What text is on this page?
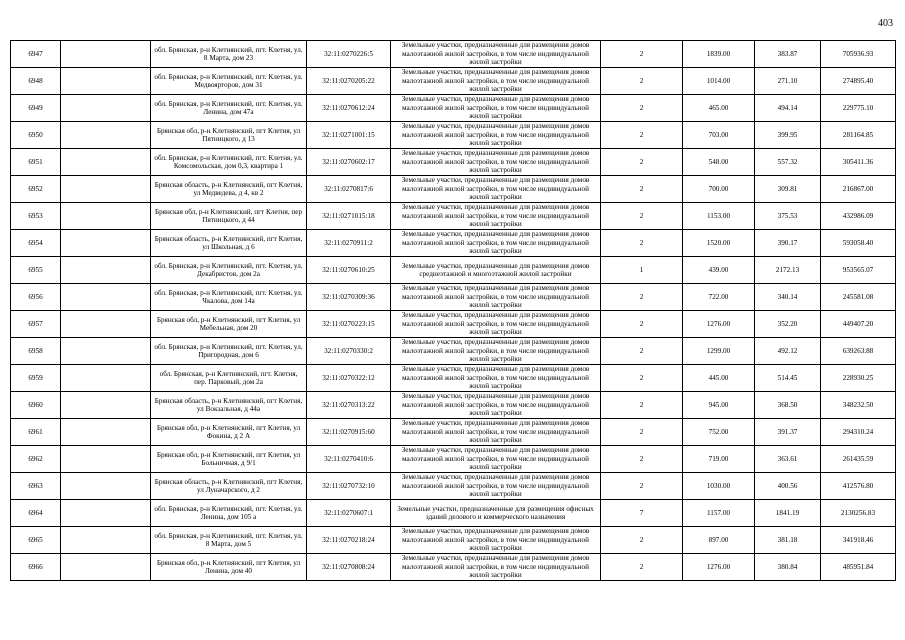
403
6947		обл. Брянская, р-н Клетнянский, пгт. Клетня, ул. 8 Марта, дом 23	32:11:0270226:5	Земельные участки, предназначенные для размещения домов малоэтажной жилой застройки, в том числе индивидуальной жилой застройки	2	1839.00	383.87	705936.93
6948		обл. Брянская, р-н Клетнянский, пгт. Клетня, ул. Медвоярторов, дом 31	32:11:0270205:22	Земельные участки, предназначенные для размещения домов малоэтажной жилой застройки, в том числе индивидуальной жилой застройки	2	1014.00	271.10	274895.40
6949		обл. Брянская, р-н Клетнянский, пгт. Клетня, ул. Ленина, дом 47а	32:11:0270612:24	Земельные участки, предназначенные для размещения домов малоэтажной жилой застройки, в том числе индивидуальной жилой застройки	2	465.00	494.14	229775.10
6950		Брянская обл, р-н Клетнянский, пгт Клетня, ул Пятницкого, д 13	32:11:0271001:15	Земельные участки, предназначенные для размещения домов малоэтажной жилой застройки, в том числе индивидуальной жилой застройки	2	703.00	399.95	281164.85
6951		обл. Брянская, р-н Клетнянский, пгт. Клетня, ул. Комсомольская, дом 0,3, квартира 1	32:11:0270602:17	Земельные участки, предназначенные для размещения домов малоэтажной жилой застройки, в том числе индивидуальной жилой застройки	2	548.00	557.32	305411.36
6952		Брянская область, р-н Клетнянский, пгт Клетня, ул Медведева, д 4, кв 2	32:11:0270817:6	Земельные участки, предназначенные для размещения домов малоэтажной жилой застройки, в том числе индивидуальной жилой застройки	2	700.00	309.81	216867.00
6953		Брянская обл, р-н Клетнянский, пгт Клетня, пер Пятницкого, д 44	32:11:0271015:18	Земельные участки, предназначенные для размещения домов малоэтажной жилой застройки, в том числе индивидуальной жилой застройки	2	1153.00	375.53	432986.09
6954		Брянская область, р-н Клетнянский, пгт Клетня, ул Школьная, д 6	32:11:0270911:2	Земельные участки, предназначенные для размещения домов малоэтажной жилой застройки, в том числе индивидуальной жилой застройки	2	1520.00	390.17	593058.40
6955		обл. Брянская, р-н Клетнянский, пгт. Клетня, ул. Декабристов, дом 2а	32:11:0270610:25	Земельные участки, предназначенные для размещения домов среднеэтажной и многоэтажной жилой застройки	1	439.00	2172.13	953565.07
6956		обл. Брянская, р-н Клетнянский, пгт. Клетня, ул. Чкалова, дом 14а	32:11:0270309:36	Земельные участки, предназначенные для размещения домов малоэтажной жилой застройки, в том числе индивидуальной жилой застройки	2	722.00	340.14	245581.08
6957		Брянская обл, р-н Клетнянский, пгт Клетня, ул Мебельная, дом 20	32:11:0270223:15	Земельные участки, предназначенные для размещения домов малоэтажной жилой застройки, в том числе индивидуальной жилой застройки	2	1276.00	352.20	449407.20
6958		обл. Брянская, р-н Клетнянский, пгт. Клетня, ул. Пригородная, дом 6	32:11:0270330:2	Земельные участки, предназначенные для размещения домов малоэтажной жилой застройки, в том числе индивидуальной жилой застройки	2	1299.00	492.12	639263.88
6959		обл. Брянская, р-н Клетнянский, пгт. Клетня, пер. Парковый, дом 2а	32:11:0270322:12	Земельные участки, предназначенные для размещения домов малоэтажной жилой застройки, в том числе индивидуальной жилой застройки	2	445.00	514.45	228930.25
6960		Брянская область, р-н Клетнянский, пгт Клетня, ул Вокзальная, д 44а	32:11:0270313:22	Земельные участки, предназначенные для размещения домов малоэтажной жилой застройки, в том числе индивидуальной жилой застройки	2	945.00	368.50	348232.50
6961		Брянская обл, р-н Клетнянский, пгт Клетня, ул Фокина, д 2 А	32:11:0270915:60	Земельные участки, предназначенные для размещения домов малоэтажной жилой застройки, в том числе индивидуальной жилой застройки	2	752.00	391.37	294310.24
6962		Брянская обл, р-н Клетнянский, пгт Клетня, ул Больничная, д 9/1	32:11:0270410:6	Земельные участки, предназначенные для размещения домов малоэтажной жилой застройки, в том числе индивидуальной жилой застройки	2	719.00	363.61	261435.59
6963		Брянская область, р-н Клетнянский, пгт Клетня, ул Луначарского, д 2	32:11:0270732:10	Земельные участки, предназначенные для размещения домов малоэтажной жилой застройки, в том числе индивидуальной жилой застройки	2	1030.00	400.56	412576.80
6964		обл. Брянская, р-н Клетнянский, пгт. Клетня, ул. Ленина, дом 105 а	32:11:0270607:1	Земельные участки, предназначенные для размещения офисных зданий делового и коммерческого назначения	7	1157.00	1841.19	2130256.83
6965		обл. Брянская, р-н Клетнянский, пгт. Клетня, ул. 8 Марта, дом 5	32:11:0270218:24	Земельные участки, предназначенные для размещения домов малоэтажной жилой застройки, в том числе индивидуальной жилой застройки	2	897.00	381.18	341918.46
6966		Брянская обл, р-н Клетнянский, пгт Клетня, ул Ленина, дом 40	32:11:0270808:24	Земельные участки, предназначенные для размещения домов малоэтажной жилой застройки, в том числе индивидуальной жилой застройки	2	1276.00	380.84	485951.84
